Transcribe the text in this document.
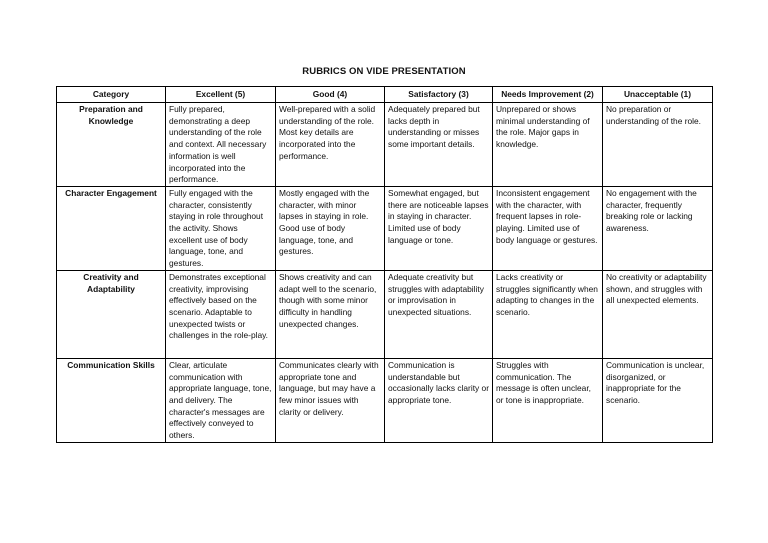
RUBRICS ON VIDE PRESENTATION
Category	Excellent (5)	Good (4)	Satisfactory (3)	Needs Improvement (2)	Unacceptable (1)
Preparation and Knowledge	Fully prepared, demonstrating a deep understanding of the role and context. All necessary information is well incorporated into the performance.	Well-prepared with a solid understanding of the role. Most key details are incorporated into the performance.	Adequately prepared but lacks depth in understanding or misses some important details.	Unprepared or shows minimal understanding of the role. Major gaps in knowledge.	No preparation or understanding of the role.
Character Engagement	Fully engaged with the character, consistently staying in role throughout the activity. Shows excellent use of body language, tone, and gestures.	Mostly engaged with the character, with minor lapses in staying in role. Good use of body language, tone, and gestures.	Somewhat engaged, but there are noticeable lapses in staying in character. Limited use of body language or tone.	Inconsistent engagement with the character, with frequent lapses in role-playing. Limited use of body language or gestures.	No engagement with the character, frequently breaking role or lacking awareness.
Creativity and Adaptability	Demonstrates exceptional creativity, improvising effectively based on the scenario. Adaptable to unexpected twists or challenges in the role-play.	Shows creativity and can adapt well to the scenario, though with some minor difficulty in handling unexpected changes.	Adequate creativity but struggles with adaptability or improvisation in unexpected situations.	Lacks creativity or struggles significantly when adapting to changes in the scenario.	No creativity or adaptability shown, and struggles with all unexpected elements.
Communication Skills	Clear, articulate communication with appropriate language, tone, and delivery. The character's messages are effectively conveyed to others.	Communicates clearly with appropriate tone and language, but may have a few minor issues with clarity or delivery.	Communication is understandable but occasionally lacks clarity or appropriate tone.	Struggles with communication. The message is often unclear, or tone is inappropriate.	Communication is unclear, disorganized, or inappropriate for the scenario.
